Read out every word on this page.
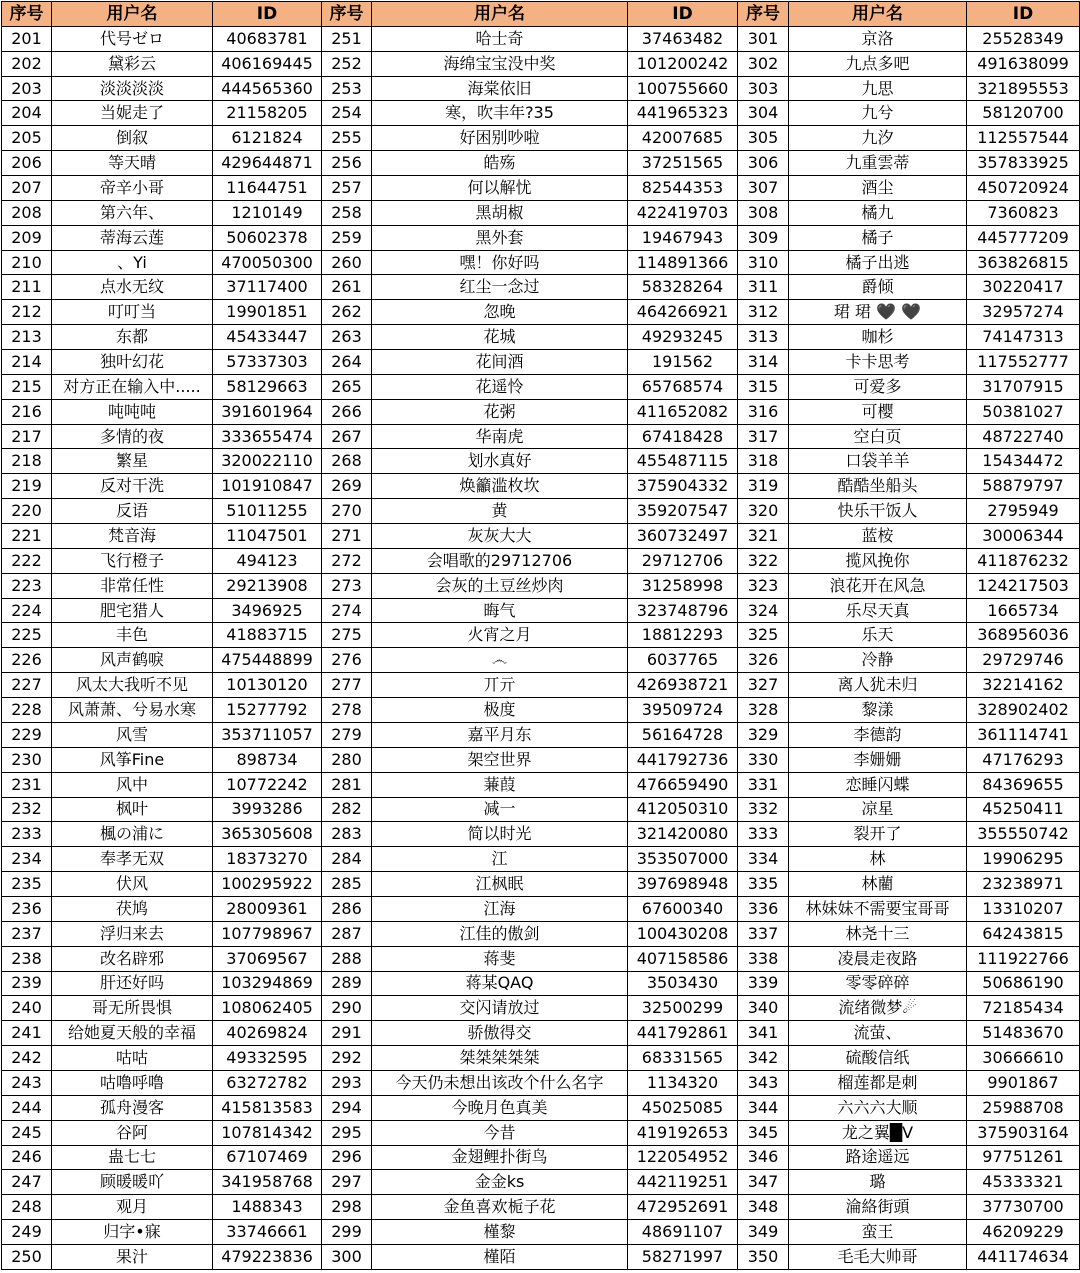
序号	用户名	ID	序号	用户名	ID	序号	用户名	ID
201	代号ゼロ	40683781	251	哈士奇	37463482	301	京洛	25528349
202	黛彩云	406169445	252	海绵宝宝没中奖	101200242	302	九点多吧	491638099
203	淡淡淡淡	444565360	253	海棠依旧	100755660	303	九思	321895553
204	当妮走了	21158205	254	寒，吹丰年?35	441965323	304	九兮	58120700
205	倒叙	6121824	255	好困别吵啦	42007685	305	九汐	112557544
206	等天晴	429644871	256	皓殇	37251565	306	九重雲蒂	357833925
207	帝辛小哥	11644751	257	何以解忧	82544353	307	酒尘	450720924
208	第六年、	1210149	258	黑胡椒	422419703	308	橘九	7360823
209	蒂海云莲	50602378	259	黑外套	19467943	309	橘子	445777209
210	、Yi	470050300	260	嘿！你好吗	114891366	310	橘子出逃	363826815
211	点水无纹	37117400	261	红尘一念过	58328264	311	爵倾	30220417
212	叮叮当	19901851	262	忽晚	464266921	312	珺 珺 🖤 🖤	32957274
213	东都	45433447	263	花城	49293245	313	咖杉	74147313
214	独叶幻花	57337303	264	花间酒	191562	314	卡卡思考	117552777
215	对方正在输入中.....	58129663	265	花遥怜	65768574	315	可爱多	31707915
216	吨吨吨	391601964	266	花粥	411652082	316	可樱	50381027
217	多情的夜	333655474	267	华南虎	67418428	317	空白页	48722740
218	繁星	320022110	268	划水真好	455487115	318	口袋羊羊	15434472
219	反对干洗	101910847	269	焕籲滥枚坎	375904332	319	酷酷坐船头	58879797
220	反语	51011255	270	黄	359207547	320	快乐干饭人	2795949
221	梵音海	11047501	271	灰灰大大	360732497	321	蓝桉	30006344
222	飞行橙子	494123	272	会唱歌的29712706	29712706	322	揽风挽你	411876232
223	非常任性	29213908	273	会灰的土豆丝炒肉	31258998	323	浪花开在风急	124217503
224	肥宅猎人	3496925	274	晦气	323748796	324	乐尽天真	1665734
225	丰色	41883715	275	火宵之月	18812293	325	乐天	368956036
226	风声鹤唳	475448899	276	෴	6037765	326	冷静	29729746
227	风太大我听不见	10130120	277	丌亓	426938721	327	离人犹未归	32214162
228	风萧萧、兮易水寒	15277792	278	极度	39509724	328	黎漾	328902402
229	风雪	353711057	279	嘉平月东	56164728	329	李德韵	361114741
230	风筝Fine	898734	280	架空世界	441792736	330	李姗姗	47176293
231	风中	10772242	281	蒹葭	476659490	331	恋睡闪蝶	84369655
232	枫叶	3993286	282	减一	412050310	332	凉星	45250411
233	楓の浦に	365305608	283	简以时光	321420080	333	裂开了	355550742
234	奉孝无双	18373270	284	江	353507000	334	林	19906295
235	伏风	100295922	285	江枫眠	397698948	335	林藺	23238971
236	茯鸠	28009361	286	江海	67600340	336	林妹妹不需要宝哥哥	13310207
237	浮归来去	107798967	287	江佳的傲剑	100430208	337	林尧十三	64243815
238	改名辟邪	37069567	288	蒋斐	407158586	338	凌晨走夜路	111922766
239	肝还好吗	103294869	289	蒋某QAQ	3503430	339	零零碎碎	50686190
240	哥无所畏惧	108062405	290	交闪请放过	32500299	340	流绪微梦☄	72185434
241	给她夏天般的幸福	40269824	291	骄傲得交	441792861	341	流萤、	51483670
242	咕咕	49332595	292	桀桀桀桀桀	68331565	342	硫酸信纸	30666610
243	咕噜呼噜	63272782	293	今天仍未想出该改个什么名字	1134320	343	榴莲都是刺	9901867
244	孤舟漫客	415813583	294	今晚月色真美	45025085	344	六六六大顺	25988708
245	谷阿	107814342	295	今昔	419192653	345	龙之翼█V	375903164
246	蛊七七	67107469	296	金翅鲤扑街鸟	122054952	346	路途遥远	97751261
247	顾暖暖吖	341958768	297	金金ks	442119251	347	璐	45333321
248	观月	1488343	298	金鱼喜欢栀子花	472952691	348	淪絡街頭	37730700
249	归字•寐	33746661	299	槿黎	48691107	349	蛮王	46209229
250	果汁	479223836	300	槿陌	58271997	350	毛毛大帅哥	441174634
